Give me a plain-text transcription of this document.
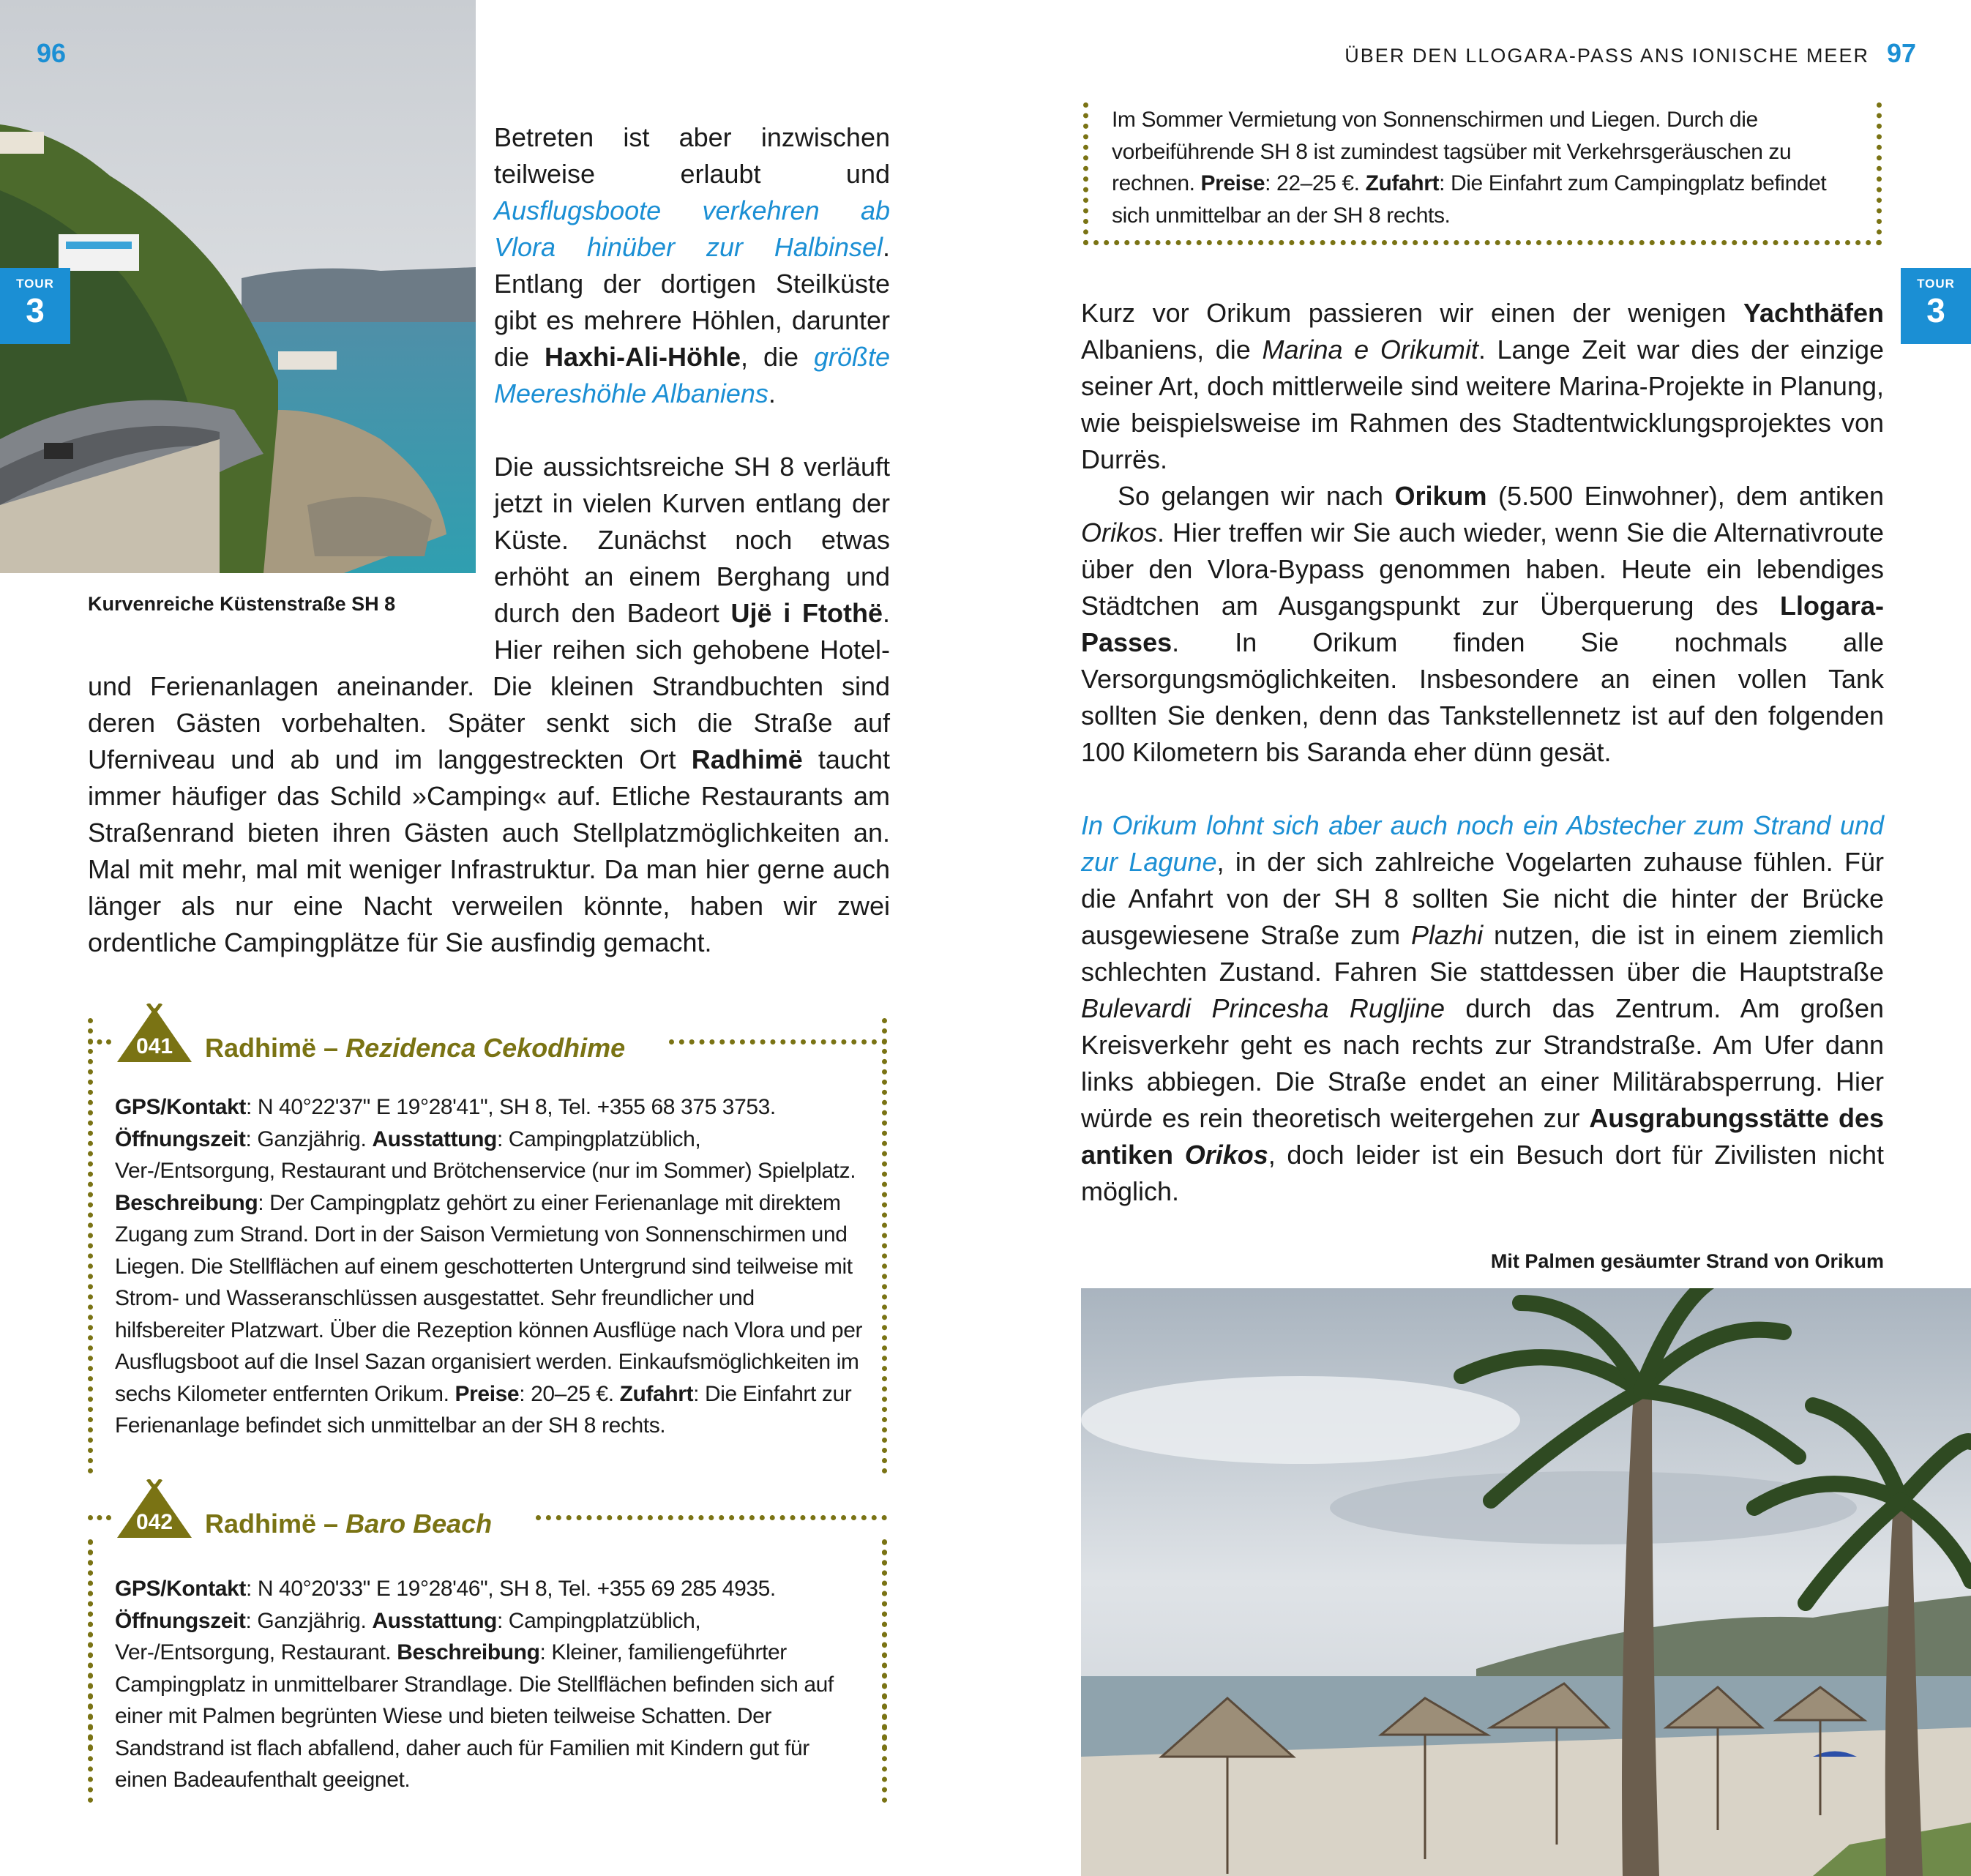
96
TOUR
3
Kurvenreiche Küstenstraße SH 8

Betreten ist aber inzwischen teilweise erlaubt und Ausflugsboote verkehren ab Vlora hinüber zur Halbinsel. Entlang der dortigen Steilküste gibt es mehrere Höhlen, darunter die Haxhi-Ali-Höhle, die größte Meereshöhle Albaniens.

Die aussichtsreiche SH 8 verläuft jetzt in vielen Kurven entlang der Küste. Zunächst noch etwas erhöht an einem Berghang und durch den Badeort Ujë i Ftothë. Hier reihen sich gehobene Hotel- und Ferienanlagen aneinander. Die kleinen Strandbuchten sind deren Gästen vorbehalten. Später senkt sich die Straße auf Uferniveau und ab und im langgestreckten Ort Radhimë taucht immer häufiger das Schild »Camping« auf. Etliche Restaurants am Straßenrand bieten ihren Gästen auch Stellplatzmöglichkeiten an. Mal mit mehr, mal mit weniger Infrastruktur. Da man hier gerne auch länger als nur eine Nacht verweilen könnte, haben wir zwei ordentliche Campingplätze für Sie ausfindig gemacht.

041	Radhimë – Rezidenca Cekodhime

GPS/Kontakt: N 40°22'37" E 19°28'41", SH 8, Tel. +355 68 375 3753. Öffnungszeit: Ganzjährig. Ausstattung: Campingplatzüblich, Ver-/Entsorgung, Restaurant und Brötchenservice (nur im Sommer) Spielplatz. Beschreibung: Der Campingplatz gehört zu einer Ferienanlage mit direktem Zugang zum Strand. Dort in der Saison Vermietung von Sonnenschirmen und Liegen. Die Stellflächen auf einem geschotterten Untergrund sind teilweise mit Strom- und Wasseranschlüssen ausgestattet. Sehr freundlicher und hilfsbereiter Platzwart. Über die Rezeption können Ausflüge nach Vlora und per Ausflugsboot auf die Insel Sazan organisiert werden. Einkaufsmöglichkeiten im sechs Kilometer entfernten Orikum. Preise: 20–25 €. Zufahrt: Die Einfahrt zur Ferienanlage befindet sich unmittelbar an der SH 8 rechts.

042	Radhimë – Baro Beach

GPS/Kontakt: N 40°20'33" E 19°28'46", SH 8, Tel. +355 69 285 4935. Öffnungszeit: Ganzjährig. Ausstattung: Campingplatzüblich, Ver-/Entsorgung, Restaurant. Beschreibung: Kleiner, familiengeführter Campingplatz in unmittelbarer Strandlage. Die Stellflächen befinden sich auf einer mit Palmen begrünten Wiese und bieten teilweise Schatten. Der Sandstrand ist flach abfallend, daher auch für Familien mit Kindern gut für einen Badeaufenthalt geeignet.

ÜBER DEN LLOGARA-PASS ANS IONISCHE MEER 97
TOUR
3

Im Sommer Vermietung von Sonnenschirmen und Liegen. Durch die vorbeiführende SH 8 ist zumindest tagsüber mit Verkehrsgeräuschen zu rechnen. Preise: 22–25 €. Zufahrt: Die Einfahrt zum Campingplatz befindet sich unmittelbar an der SH 8 rechts.

Kurz vor Orikum passieren wir einen der wenigen Yachthäfen Albaniens, die Marina e Orikumit. Lange Zeit war dies der einzige seiner Art, doch mittlerweile sind weitere Marina-Projekte in Planung, wie beispielsweise im Rahmen des Stadtentwicklungsprojektes von Durrës.

So gelangen wir nach Orikum (5.500 Einwohner), dem antiken Orikos. Hier treffen wir Sie auch wieder, wenn Sie die Alternativroute über den Vlora-Bypass genommen haben. Heute ein lebendiges Städtchen am Ausgangspunkt zur Überquerung des Llogara-Passes. In Orikum finden Sie nochmals alle Versorgungsmöglichkeiten. Insbesondere an einen vollen Tank sollten Sie denken, denn das Tankstellennetz ist auf den folgenden 100 Kilometern bis Saranda eher dünn gesät.

In Orikum lohnt sich aber auch noch ein Abstecher zum Strand und zur Lagune, in der sich zahlreiche Vogelarten zuhause fühlen. Für die Anfahrt von der SH 8 sollten Sie nicht die hinter der Brücke ausgewiesene Straße zum Plazhi nutzen, die ist in einem ziemlich schlechten Zustand. Fahren Sie stattdessen über die Hauptstraße Bulevardi Princesha Rugljine durch das Zentrum. Am großen Kreisverkehr geht es nach rechts zur Strandstraße. Am Ufer dann links abbiegen. Die Straße endet an einer Militärabsperrung. Hier würde es rein theoretisch weitergehen zur Ausgrabungsstätte des antiken Orikos, doch leider ist ein Besuch dort für Zivilisten nicht möglich.

Mit Palmen gesäumter Strand von Orikum
